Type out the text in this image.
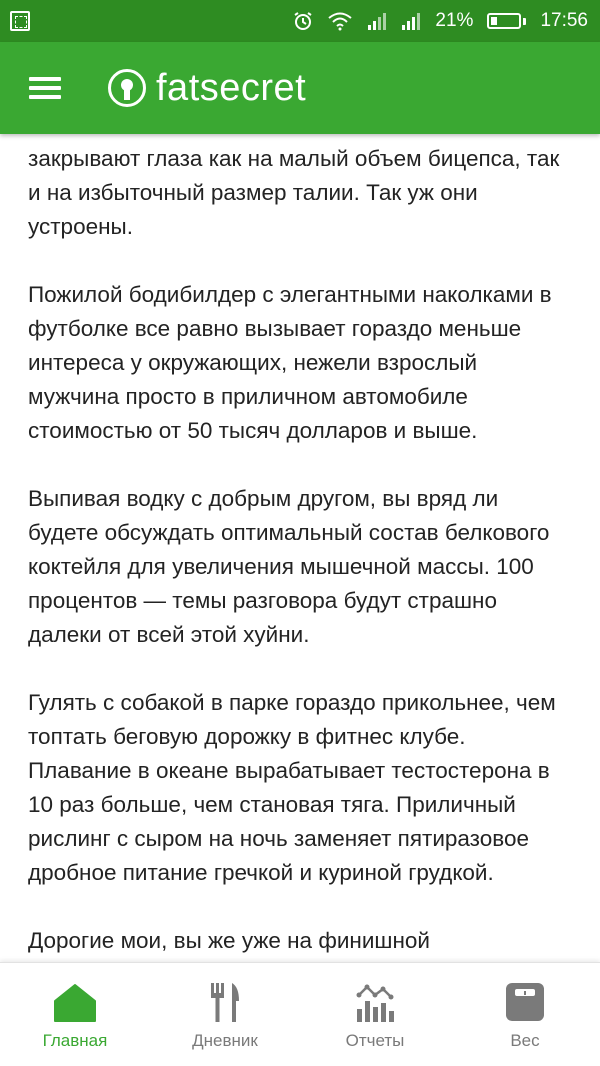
21%	17:56
fatsecret

закрывают глаза как на малый объем бицепса, так и на избыточный размер талии. Так уж они устроены.

Пожилой бодибилдер с элегантными наколками в футболке все равно вызывает гораздо меньше интереса у окружающих, нежели взрослый мужчина просто в приличном автомобиле стоимостью от 50 тысяч долларов и выше.

Выпивая водку с добрым другом, вы вряд ли будете обсуждать оптимальный состав белкового коктейля для увеличения мышечной массы. 100 процентов — темы разговора будут страшно далеки от всей этой хуйни.

Гулять с собакой в парке гораздо прикольнее, чем топтать беговую дорожку в фитнес клубе. Плавание в океане вырабатывает тестостерона в 10 раз больше, чем становая тяга. Приличный рислинг с сыром на ночь заменяет пятиразовое дробное питание гречкой и куриной грудкой.

Дорогие мои, вы же уже на финишной

Главная	Дневник	Отчеты	Вес
